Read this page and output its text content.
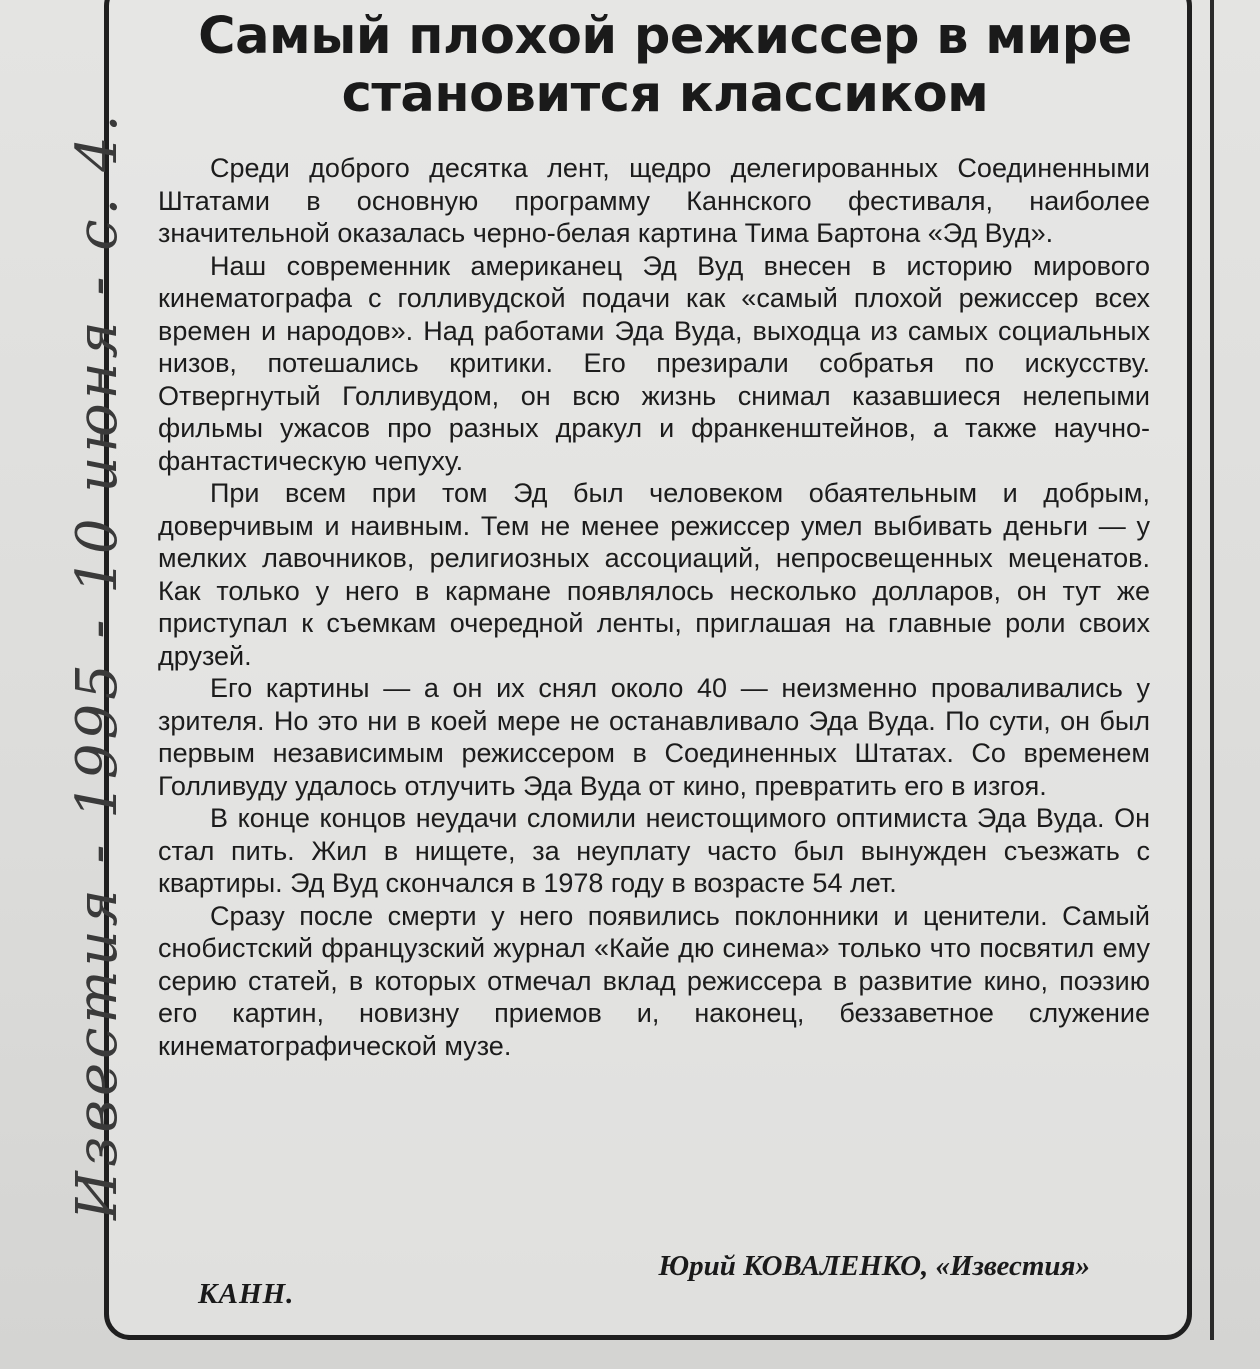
Самый плохой режиссер в мире становится классиком

Среди доброго десятка лент, щедро делегированных Соединенными Штатами в основную программу Каннского фестиваля, наиболее значительной оказалась черно-белая картина Тима Бартона «Эд Вуд».

Наш современник американец Эд Вуд внесен в историю мирового кинематографа с голливудской подачи как «самый плохой режиссер всех времен и народов». Над работами Эда Вуда, выходца из самых социальных низов, потешались критики. Его презирали собратья по искусству. Отвергнутый Голливудом, он всю жизнь снимал казавшиеся нелепыми фильмы ужасов про разных дракул и франкенштейнов, а также научно-фантастическую чепуху.

При всем при том Эд был человеком обаятельным и добрым, доверчивым и наивным. Тем не менее режиссер умел выбивать деньги — у мелких лавочников, религиозных ассоциаций, непросвещенных меценатов. Как только у него в кармане появлялось несколько долларов, он тут же приступал к съемкам очередной ленты, приглашая на главные роли своих друзей.

Его картины — а он их снял около 40 — неизменно проваливались у зрителя. Но это ни в коей мере не останавливало Эда Вуда. По сути, он был первым независимым режиссером в Соединенных Штатах. Со временем Голливуду удалось отлучить Эда Вуда от кино, превратить его в изгоя.

В конце концов неудачи сломили неистощимого оптимиста Эда Вуда. Он стал пить. Жил в нищете, за неуплату часто был вынужден съезжать с квартиры. Эд Вуд скончался в 1978 году в возрасте 54 лет.

Сразу после смерти у него появились поклонники и ценители. Самый снобистский французский журнал «Кайе дю синема» только что посвятил ему серию статей, в которых отмечал вклад режиссера в развитие кино, поэзию его картин, новизну приемов и, наконец, беззаветное служение кинематографической музе.

Юрий КОВАЛЕНКО, «Известия»
КАНН.
Известия - 1995 - 10 июня - с. 4.
